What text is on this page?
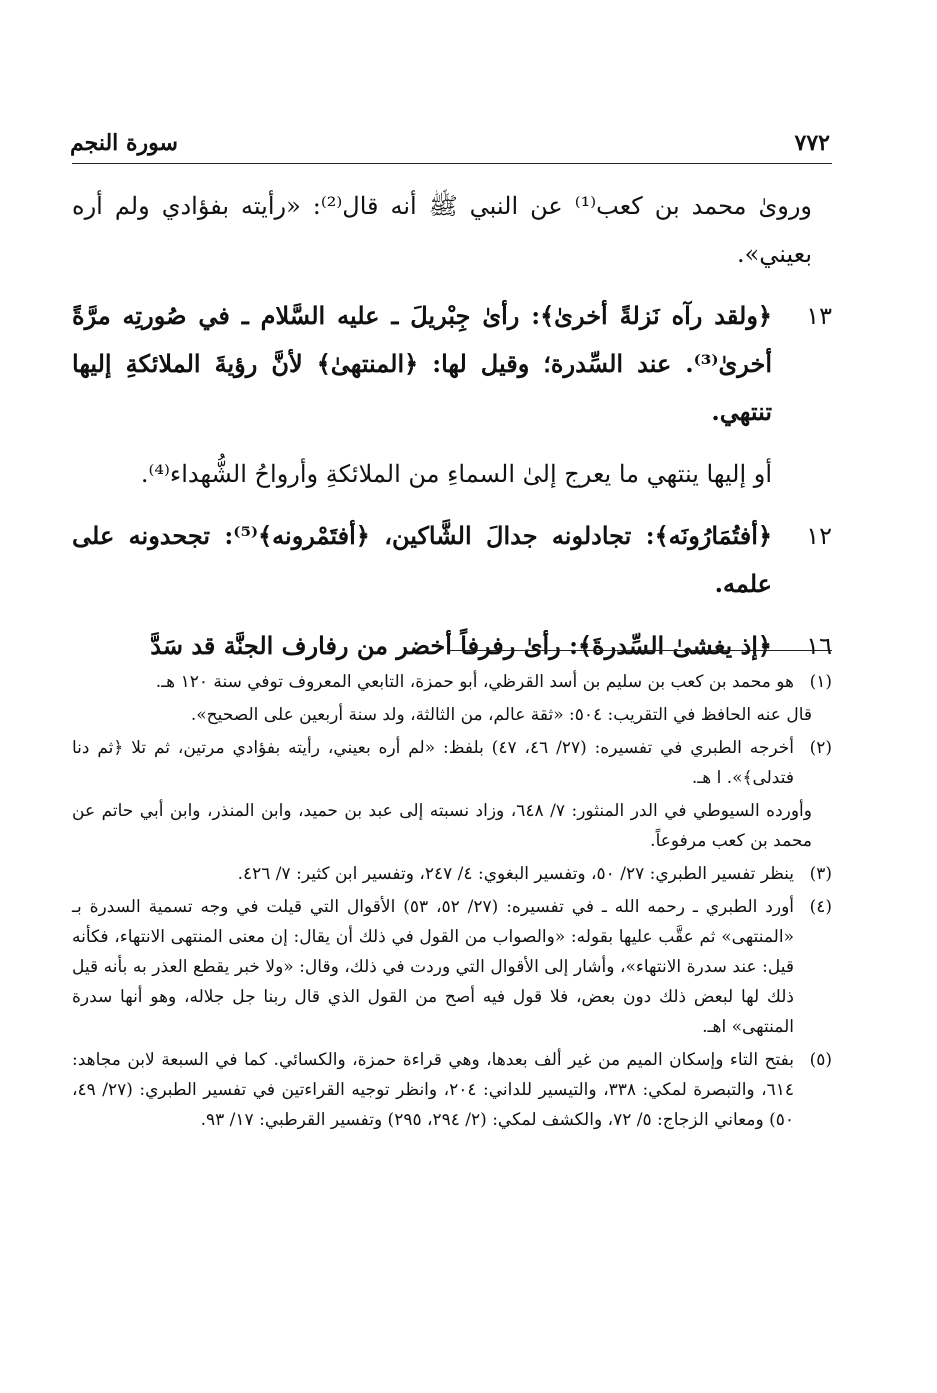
٧٧٢
سورة النجم

ورویٰ محمد بن كعب⁽¹⁾ عن النبي ﷺ أنه قال⁽²⁾: «رأيته بفؤادي ولم أره بعيني».

١٣
﴿ولقد رآه نَزلةً أخرىٰ﴾: رأىٰ جِبْريلَ ـ عليه السَّلام ـ في صُورتِه مرَّةً أخرىٰ⁽³⁾. عند السِّدرة؛ وقيل لها: ﴿المنتهىٰ﴾ لأنَّ رؤيةَ الملائكةِ إليها تنتهي.

أو إليها ينتهي ما يعرج إلىٰ السماءِ من الملائكةِ وأرواحُ الشُّهداء⁽⁴⁾.

١٢
﴿أفتُمَارُونَه﴾: تجادلونه جدالَ الشَّاكين، ﴿أفتَمْرونه﴾⁽⁵⁾: تجحدونه على علمه.

١٦
﴿إذ يغشىٰ السِّدرةَ﴾: رأىٰ رفرفاً أخضر من رفارف الجنَّة قد سَدَّ

(١)
هو محمد بن كعب بن سليم بن أسد القرظي، أبو حمزة، التابعي المعروف توفي سنة ١٢٠ هـ.

قال عنه الحافظ في التقريب: ٥٠٤: «ثقة عالم، من الثالثة، ولد سنة أربعين على الصحيح».

(٢)
أخرجه الطبري في تفسيره: (٢٧/ ٤٦، ٤٧) بلفظ: «لم أره بعيني، رأيته بفؤادي مرتين، ثم تلا ﴿ثم دنا فتدلى﴾». ا هـ.

وأورده السيوطي في الدر المنثور: ٧/ ٦٤٨، وزاد نسبته إلى عبد بن حميد، وابن المنذر، وابن أبي حاتم عن محمد بن كعب مرفوعاً.

(٣)
ينظر تفسير الطبري: ٢٧/ ٥٠، وتفسير البغوي: ٤/ ٢٤٧، وتفسير ابن كثير: ٧/ ٤٢٦.

(٤)
أورد الطبري ـ رحمه الله ـ في تفسيره: (٢٧/ ٥٢، ٥٣) الأقوال التي قيلت في وجه تسمية السدرة بـ «المنتهى» ثم عقَّب عليها بقوله: «والصواب من القول في ذلك أن يقال: إن معنى المنتهى الانتهاء، فكأنه قيل: عند سدرة الانتهاء»، وأشار إلى الأقوال التي وردت في ذلك، وقال: «ولا خبر يقطع العذر به بأنه قيل ذلك لها لبعض ذلك دون بعض، فلا قول فيه أصح من القول الذي قال ربنا جل جلاله، وهو أنها سدرة المنتهى» اهـ.

(٥)
بفتح التاء وإسكان الميم من غير ألف بعدها، وهي قراءة حمزة، والكسائي. كما في السبعة لابن مجاهد: ٦١٤، والتبصرة لمكي: ٣٣٨، والتيسير للداني: ٢٠٤، وانظر توجيه القراءتين في تفسير الطبري: (٢٧/ ٤٩، ٥٠) ومعاني الزجاج: ٥/ ٧٢، والكشف لمكي: (٢/ ٢٩٤، ٢٩٥) وتفسير القرطبي: ١٧/ ٩٣.
